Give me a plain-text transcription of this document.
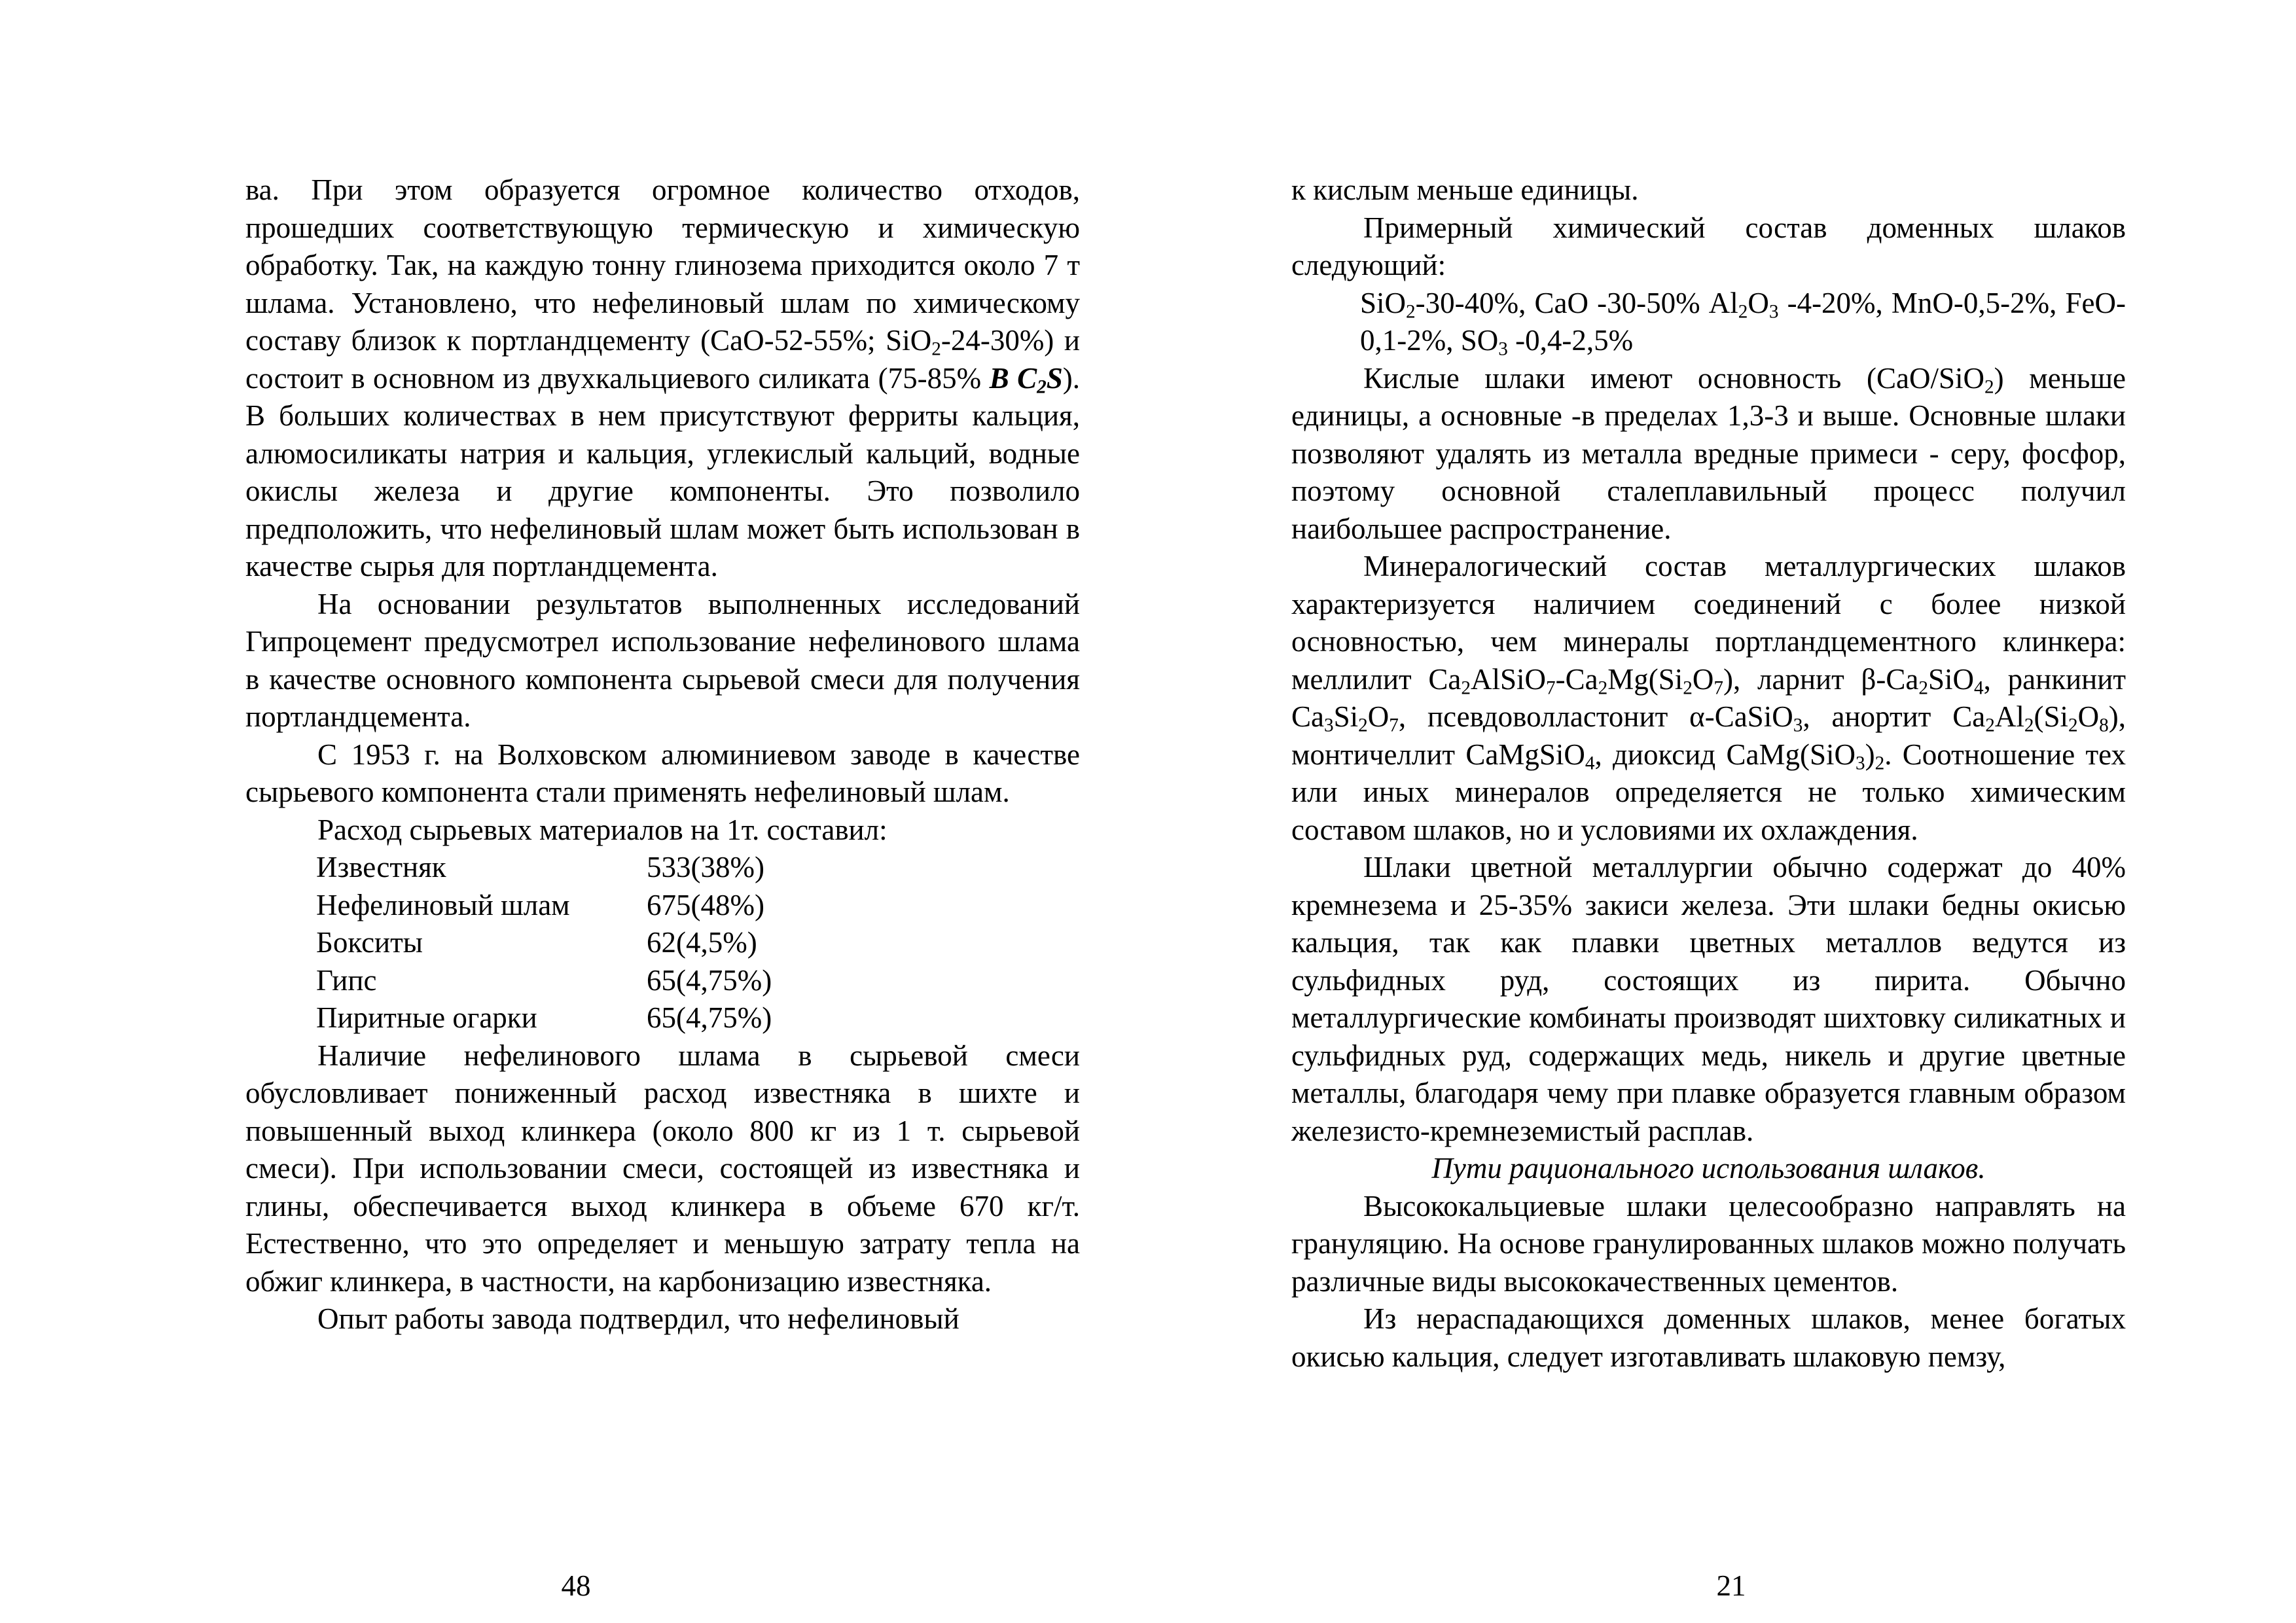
ва. При этом образуется огромное количество отходов, прошедших соответствующую термическую и химическую обработку. Так, на каждую тонну глинозема приходится около 7 т шлама. Установлено, что нефелиновый шлам по химическому составу близок к портландцементу (СаО-52-55%; SiO$_2$-24-30%) и состоит в основном из двухкальциевого силиката (75-85% В $С_2S$). В больших количествах в нем присутствуют ферриты кальция, алюмосиликаты натрия и кальция, углекислый кальций, водные окислы железа и другие компоненты. Это позволило предположить, что нефелиновый шлам может быть использован в качестве сырья для портландцемента.

На основании результатов выполненных исследований Гипроцемент предусмотрел использование нефелинового шлама в качестве основного компонента сырьевой смеси для получения портландцемента.

С 1953 г. на Волховском алюминиевом заводе в качестве сырьевого компонента стали применять нефелиновый шлам.

Расход сырьевых материалов на 1т. составил:

Известняк	533(38%)
Нефелиновый шлам	675(48%)
Бокситы	62(4,5%)
Гипс	65(4,75%)
Пиритные огарки	65(4,75%)

Наличие нефелинового шлама в сырьевой смеси обусловливает пониженный расход известняка в шихте и повышенный выход клинкера (около 800 кг из 1 т. сырьевой смеси). При использовании смеси, состоящей из известняка и глины, обеспечивается выход клинкера в объеме 670 кг/т. Естественно, что это определяет и меньшую затрату тепла на обжиг клинкера, в частности, на карбонизацию известняка.

Опыт работы завода подтвердил, что нефелиновый

48

к кислым меньше единицы.

Примерный химический состав доменных шлаков следующий:

SiO$_2$-30-40%, СаО -30-50% $Al_2O_3$ -4-20%, MnO-0,5-2%, FeO-0,1-2%, $SO_3$ -0,4-2,5%

Кислые шлаки имеют основность (СаО/SiO$_2$) меньше единицы, а основные -в пределах 1,3-3 и выше. Основные шлаки позволяют удалять из металла вредные примеси - серу, фосфор, поэтому основной сталеплавильный процесс получил наибольшее распространение.

Минералогический состав металлургических шлаков характеризуется наличием соединений с более низкой основностью, чем минералы портландцементного клинкера: меллилит $Ca_2AlSiO_7-Ca_2Mg(Si_2O_7)$, ларнит $\beta-Ca_2SiO_4$, ранкинит $Ca_3Si_2O_7$, псевдоволластонит α-CaSiO$_3$, анортит $Ca_2Al_2(Si_2O_8)$, монтичеллит CaMgSiO$_4$, диоксид $CaMg(SiO_3)_2$. Соотношение тех или иных минералов определяется не только химическим составом шлаков, но и условиями их охлаждения.

Шлаки цветной металлургии обычно содержат до 40% кремнезема и 25-35% закиси железа. Эти шлаки бедны окисью кальция, так как плавки цветных металлов ведутся из сульфидных руд, состоящих из пирита. Обычно металлургические комбинаты производят шихтовку силикатных и сульфидных руд, содержащих медь, никель и другие цветные металлы, благодаря чему при плавке образуется главным образом железисто-кремнеземистый расплав.

Пути рационального использования шлаков.

Высококальциевые шлаки целесообразно направлять на грануляцию. На основе гранулированных шлаков можно получать различные виды высококачественных цементов.

Из нераспадающихся доменных шлаков, менее богатых окисью кальция, следует изготавливать шлаковую пемзу,

21
